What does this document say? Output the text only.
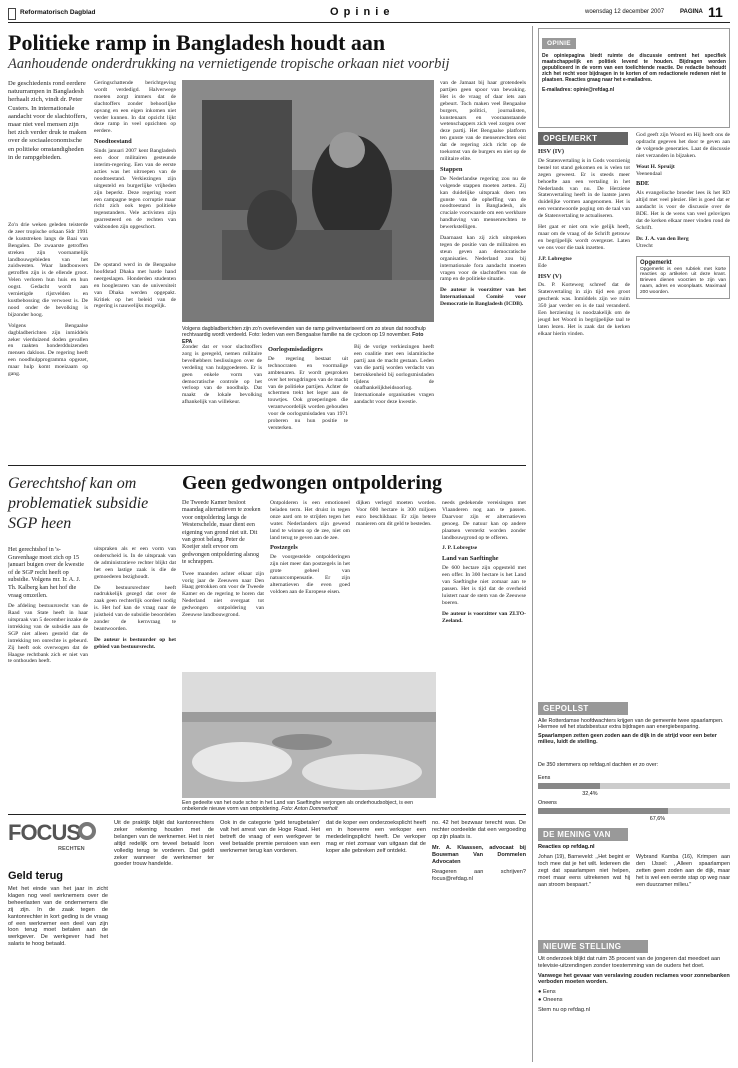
Reformatorisch Dagblad	O p i n i e	woensdag 12 december 2007	PAGINA 11
Politieke ramp in Bangladesh houdt aan
Aanhoudende onderdrukking na vernietigende tropische orkaan niet voorbij

De geschiedenis rond eerdere natuurrampen in Bangladesh herhaalt zich, vindt dr. Peter Custers. In internationale aandacht voor de slachtoffers, maar niet veel mensen zijn het zich verder druk te maken over de sociaaleconomische en politieke omstandigheden in de rampgebieden.

Zo'n drie weken geleden teisterde de zeer tropische orkaan Sidr 1991 de kuststreken langs de Baai van Bengalen. De zwaarste getroffen streken zijn voornamelijk landbouwgebieden van het zuidwesten. Waar landbouwers getroffen zijn is de ellende groot. Velen verloren hun huis en hun oogst. Gedacht wordt aan vernietigde rijstvelden en kustbebossing die verwoest is. De nood onder de bevolking is bijzonder hoog.

Volgens Bengaalse dagbladberichten zijn inmiddels zeker vierduizend doden gevallen en raakten honderdduizenden mensen dakloos. De regering heeft een noodhulpprogramma opgezet, maar hulp komt moeizaam op gang.

Geringschattende berichtgeving wordt verdedigd. Halverwege moeten zorgt immers dat de slachtoffers zonder behoorlijke opvang en een eigen inkomen niet verder kunnen. In dat opzicht lijkt deze ramp in veel opzichten op eerdere.

Noodtoestand

Sinds januari 2007 kent Bangladesh een door militairen gesteunde interim-regering. Een van de eerste acties was het uitroepen van de noodtoestand. Verkiezingen zijn uitgesteld en burgerlijke vrijheden zijn beperkt. Deze regering voert een campagne tegen corruptie maar richt zich ook tegen politieke tegenstanders. Vele activisten zijn gearresteerd en de rechten van vakbonden zijn opgeschort.

Volgens dagbladberichten zijn zo'n overlevenden van de ramp geïnventariseerd om zo steun dat noodhulp rechtvaardig wordt verdeeld. Foto: leden van een Bengaalse familie na de cycloon op 19 november. Foto EPA

De opstand werd in de Bengaalse hoofdstad Dhaka met harde hand neergeslagen. Honderden studenten en hoogleraren van de universiteit van Dhaka werden opgepakt. Kritiek op het beleid van de regering is nauwelijks mogelijk.

Zonder dat er voor slachtoffers zorg is geregeld, nemen militaire bevelhebbers beslissingen over de verdeling van hulpgoederen. Er is geen enkele vorm van democratische controle op het verloop van de noodhulp. Dat maakt de lokale bevolking afhankelijk van willekeur.

Oorlogsmisdadigers

De regering bestaat uit technocraten en voormalige ambtenaren. Er wordt gesproken over het terugdringen van de macht van de politieke partijen. Achter de schermen trekt het leger aan de touwtjes. Ook groeperingen die verantwoordelijk worden gehouden voor de oorlogsmisdaden van 1971 proberen nu hun positie te versterken.

Bij de vorige verkiezingen heeft een coalitie met een islamitische partij aan de macht gestaan. Leden van die partij worden verdacht van betrokkenheid bij oorlogsmisdaden tijdens de onafhankelijkheidsoorlog. Internationale organisaties vragen aandacht voor deze kwestie.

van de Jamaat bij haar grotendeels partijen geen spoor van bewaking. Het is de vraag of daar iets aan gebeurt. Toch maken veel Bengaalse burgers, politici, journalisten, kunstenaars en vooraanstaande wetenschappers zich veel zorgen over deze partij. Het Bengaalse platform ten gunste van de mensenrechten eist dat de regering zich richt op de toekomst van de burgers en niet op de militaire elite.

Stappen

De Nederlandse regering zou nu de volgende stappen moeten zetten. Zij kan duidelijke uitspraak doen ten gunste van de opheffing van de noodtoestand in Bangladesh, als cruciale voorwaarde om een werkbare handhaving van mensenrechten te bewerkstelligen.

Daarnaast kan zij zich uitspreken tegen de positie van de militairen en steun geven aan democratische organisaties. Nederland zou bij internationale fora aandacht moeten vragen voor de slachtoffers van de ramp en de politieke situatie.

De auteur is voorzitter van het Internationaal Comité voor Democratie in Bangladesh (ICDB).

Gerechtshof kan om problematiek subsidie SGP heen

Het gerechtshof in 's-Gravenhage moet zich op 15 januari buigen over de kwestie of de SGP recht heeft op subsidie. Volgens mr. Ir. A. J. Th. Kalberg kan het hof die vraag omzeilen.

De afdeling bestuursrecht van de Raad van State heeft in haar uitspraak van 5 december inzake de intrekking van de subsidie aan de SGP niet alleen gesteld dat de intrekking ten onrechte is gebeurd. Zij heeft ook overwogen dat de Haagse rechtbank zich er niet van te onthouden heeft.

uitspraken als er een vorm van onderscheid is. In de uitspraak van de administratieve rechter blijkt dat het een lastige zaak is die de gemoederen bezighoudt.

De bestuursrechter heeft nadrukkelijk gezegd dat over de zaak geen rechterlijk oordeel nodig is. Het hof kan de vraag naar de juistheid van de subsidie beoordelen zonder de kernvraag te beantwoorden.

De auteur is bestuurder op het gebied van bestuursrecht.

Geen gedwongen ontpoldering

De Tweede Kamer besloot maandag alternatieven te zoeken voor ontpoldering langs de Westerschelde, maar dient een eigening van grond niet uit. Dit van groot belang. Peter de Koeijer stelt ervoor om gedwongen ontpoldering alsnog te schrappen.

Twee maanden achter elkaar zijn vorig jaar de Zeeuwen naar Den Haag getrokken om voor de Tweede Kamer en de regering te horen dat Nederland niet overgaat tot gedwongen ontpoldering van Zeeuwse landbouwgrond.

Ontpolderen is een emotioneel beladen term. Het druist in tegen onze aard om te strijden tegen het water. Nederlanders zijn gewend land te winnen op de zee, niet om land terug te geven aan de zee.

Postzegels

De voorgestelde ontpolderingen zijn niet meer dan postzegels in het grote geheel van natuurcompensatie. Er zijn alternatieven die even goed voldoen aan de Europese eisen.

dijken verlegd moeten worden. Voor 600 hectare is 300 miljoen euro beschikbaar. Er zijn betere manieren om dit geld te besteden.

needs gedekende vereisingen met Vlaanderen nog aan te passen. Daarvoor zijn er alternatieven genoeg. De natuur kan op andere plaatsen versterkt worden zonder landbouwgrond op te offeren.

J. P. Lobregtse

Land van Saeftinghe

De 600 hectare zijn opgesteld met een offer. In 300 hectare is het Land van Saeftinghe niet zomaar aan te passen. Het is tijd dat de overheid luistert naar de stem van de Zeeuwse boeren.

De auteur is voorzitter van ZLTO-Zeeland.

Een gedeelte van het oude schor in het Land van Saeftinghe verjongen als onderhoudsobject, is een onbekende nieuwe vorm van ontpoldering. Foto: Anton Dommerholt
FOCUS
RECHTEN
Geld terug

Met het einde van het jaar in zicht klagen nog veel werknemers over de beheerlasten van de ondernemers die zij zijn. In de zaak tegen de kantonrechter in kort geding is de vraag of een werknemer een deel van zijn loon terug moet betalen aan de werkgever. De werkgever had het salaris te hoog betaald.

Uit de praktijk blijkt dat kantonrechters zeker rekening houden met de belangen van de werknemer. Het is niet altijd redelijk om teveel betaald loon volledig terug te vorderen. Dat geldt zeker wanneer de werknemer ter goeder trouw handelde.

Ook in de categorie 'geld terugbetalen' valt het arrest van de Hoge Raad. Het betreft de vraag of een werkgever te veel betaalde premie pensioen van een werknemer terug kan vorderen.

dat de koper een onderzoeksplicht heeft en in hoeverre een verkoper een mededelingsplicht heeft. De verkoper mag er niet zomaar van uitgaan dat de koper alle gebreken zelf ontdekt.

no. 42 het bezwaar terecht was. De rechter oordeelde dat een vergoeding op zijn plaats is.

Mr. A. Klaassen, advocaat bij Bouwman Van Dommelen Advocaten

Reageren aan schrijven? focus@refdag.nl

OPINIE

De opiniepagina biedt ruimte de discussie omtrent het specifiek maatschappelijk en politiek levend te houden. Bijdragen worden gepubliceerd in de vorm van een toelichtende reactie. De redactie behoudt zich het recht voor bijdragen in te korten of om redactionele redenen niet te plaatsen. Reacties graag naar het e-mailadres.

E-mailadres: opinie@refdag.nl

OPGEMERKT
HSV (IV)

De Statenvertaling is in Gods voorzienig bestel tot stand gekomen en is velen tot zegen geweest. Er is steeds meer behoefte aan een vertaling in het Nederlands van nu. De Herziene Statenvertaling heeft in de laatste jaren duidelijke vormen aangenomen. Het is een verantwoorde poging om de taal van de Statenvertaling te actualiseren.

Het gaat er niet om wie gelijk heeft, maar om de vraag of de Schrift getrouw en begrijpelijk wordt overgezet. Laten we ons voor die taak inzetten.

J.P. Lobregtse

Ede

HSV (V)

Ds. P. Korteweg schreef dat de Statenvertaling in zijn tijd een groot geschenk was. Inmiddels zijn we ruim 350 jaar verder en is de taal veranderd. Een herziening is noodzakelijk om de jeugd het Woord in begrijpelijke taal te laten lezen. Het is zaak dat de kerken elkaar hierin vinden.

God geeft zijn Woord en Hij heeft ons de opdracht gegeven het door te geven aan de volgende generaties. Laat de discussie niet verzanden in bijzaken.

Wout H. Spruijt

Veenendaal

BDE

Als evangelische broeder lees ik het RD altijd met veel plezier. Het is goed dat er aandacht is voor de discussie over de BDE. Het is de wens van veel gelovigen dat de kerken elkaar meer vinden rond de Schrift.

Dr. J. A. van den Berg

Utrecht

Opgemerkt
Opgemerkt is een rubriek met korte reacties op artikelen uit deze krant. Brieven dienen voorzien te zijn van naam, adres en woonplaats. Maximaal 200 woorden.
GEPOLLST

Alle Rotterdamse hoofdwachters krijgen van de gemeente twee spaarlampen. Hiermee wil het stadsbestuur extra bijdragen aan energiebesparing.

Spaarlampen zetten geen zoden aan de dijk in de strijd voor een beter milieu, luidt de stelling.

De 350 stemmers op refdag.nl dachten er zo over:
Eens
32,4%
Oneens
67,6%
DE MENING VAN
Reacties op refdag.nl

Johan (19), Barneveld: ,,Het begint er toch mee dat je het wilt. Iedereen die zegt dat spaarlampen niet helpen, moet maar eens uitrekenen wat hij aan stroom bespaart."

Wybrand Kamba (16), Krimpen aan den IJssel: ,,Alleen spaarlampen zetten geen zoden aan de dijk, maar het is wel een eerste stap op weg naar een duurzamer milieu."

NIEUWE STELLING

Uit onderzoek blijkt dat ruim 35 procent van de jongeren dat meedoet aan televisie-uitzendingen zonder toestemming van de ouders het doet.

Vanwege het gevaar van verslaving zouden reclames voor zonnebanken verboden moeten worden.

● Eens

● Oneens

Stem nu op refdag.nl
